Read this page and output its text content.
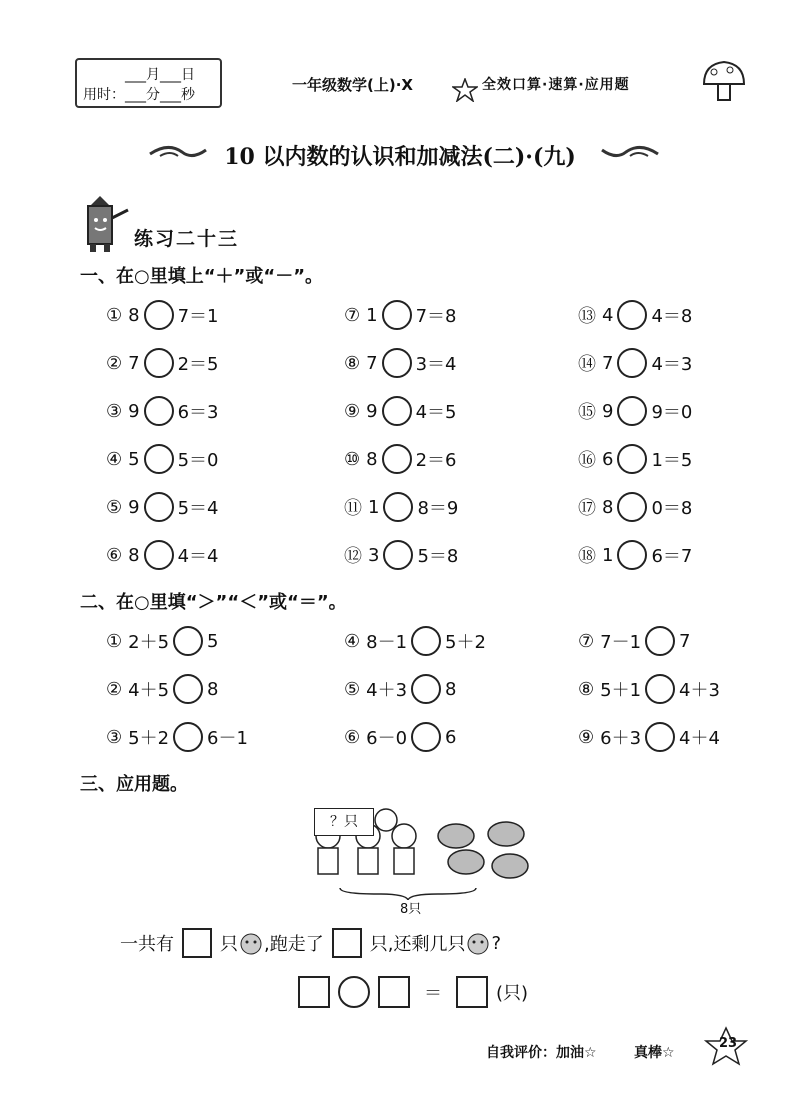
___月___日
用时：___分___秒
一年级数学(上)·X	全效口算·速算·应用题
10 以内数的认识和加减法(二)·(九)
练习二十三
一、在○里填上“＋”或“－”。
① 8 7＝1
② 7 2＝5
③ 9 6＝3
④ 5 5＝0
⑤ 9 5＝4
⑥ 8 4＝4
⑦ 1 7＝8
⑧ 7 3＝4
⑨ 9 4＝5
⑩ 8 2＝6
⑪ 1 8＝9
⑫ 3 5＝8
⑬ 4 4＝8
⑭ 7 4＝3
⑮ 9 9＝0
⑯ 6 1＝5
⑰ 8 0＝8
⑱ 1 6＝7
二、在○里填“＞”“＜”或“＝”。
① 2＋5 5
② 4＋5 8
③ 5＋2 6－1
④ 8－1 5＋2
⑤ 4＋3 8
⑥ 6－0 6
⑦ 7－1 7
⑧ 5＋1 4＋3
⑨ 6＋3 4＋4
三、应用题。
？只
8只
一共有	只 ,跑走了	只,还剩几只 ?
＝	(只)
自我评价：加油☆	真棒☆
23
